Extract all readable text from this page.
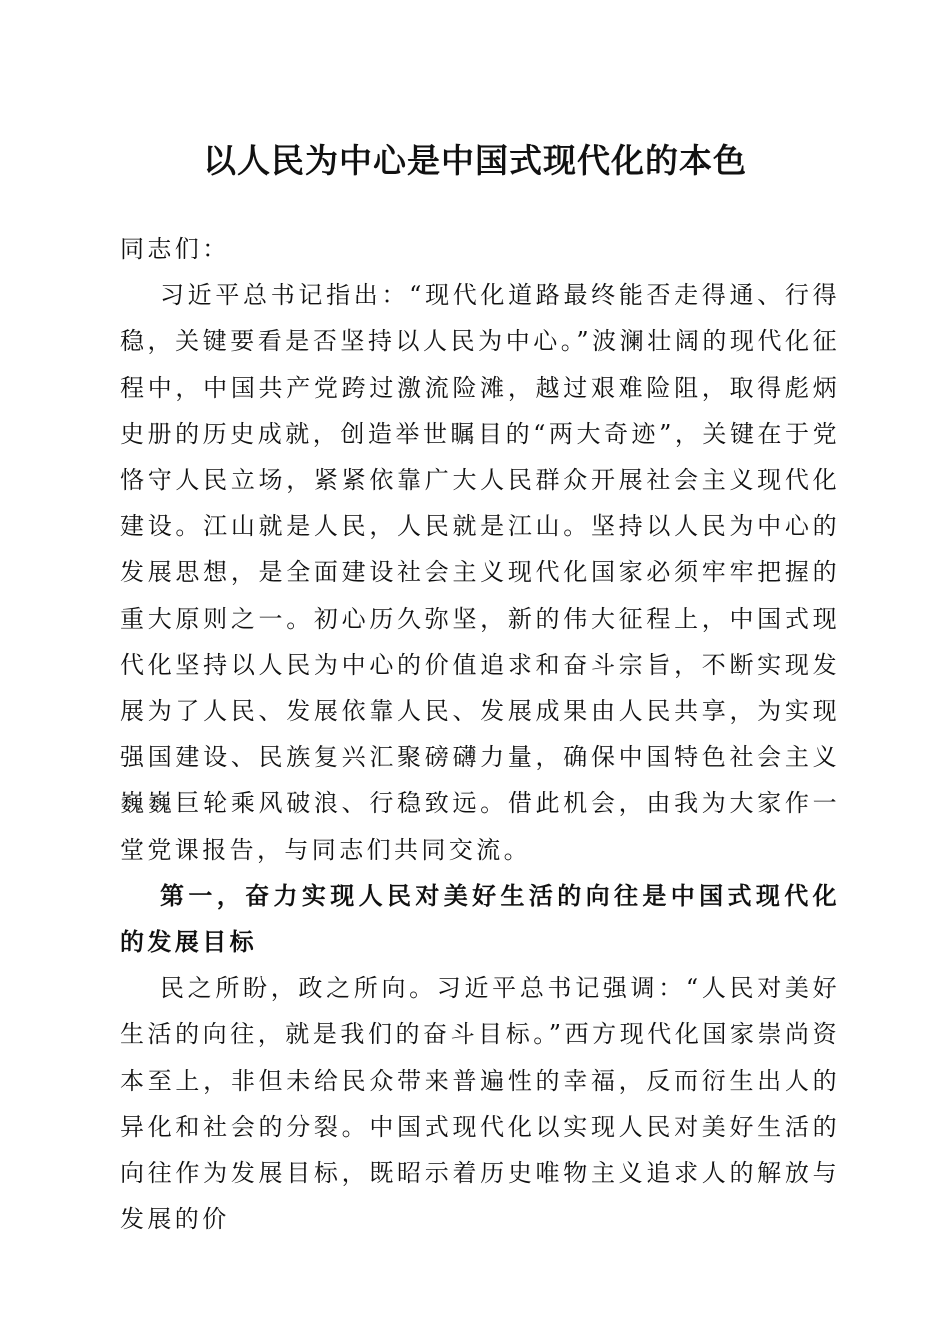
以人民为中心是中国式现代化的本色

同志们：

习近平总书记指出：“现代化道路最终能否走得通、行得稳，关键要看是否坚持以人民为中心。”波澜壮阔的现代化征程中，中国共产党跨过激流险滩，越过艰难险阻，取得彪炳史册的历史成就，创造举世瞩目的“两大奇迹”，关键在于党恪守人民立场，紧紧依靠广大人民群众开展社会主义现代化建设。江山就是人民，人民就是江山。坚持以人民为中心的发展思想，是全面建设社会主义现代化国家必须牢牢把握的重大原则之一。初心历久弥坚，新的伟大征程上，中国式现代化坚持以人民为中心的价值追求和奋斗宗旨，不断实现发展为了人民、发展依靠人民、发展成果由人民共享，为实现强国建设、民族复兴汇聚磅礴力量，确保中国特色社会主义巍巍巨轮乘风破浪、行稳致远。借此机会，由我为大家作一堂党课报告，与同志们共同交流。

第一，奋力实现人民对美好生活的向往是中国式现代化的发展目标

民之所盼，政之所向。习近平总书记强调：“人民对美好生活的向往，就是我们的奋斗目标。”西方现代化国家崇尚资本至上，非但未给民众带来普遍性的幸福，反而衍生出人的异化和社会的分裂。中国式现代化以实现人民对美好生活的向往作为发展目标，既昭示着历史唯物主义追求人的解放与发展的价
